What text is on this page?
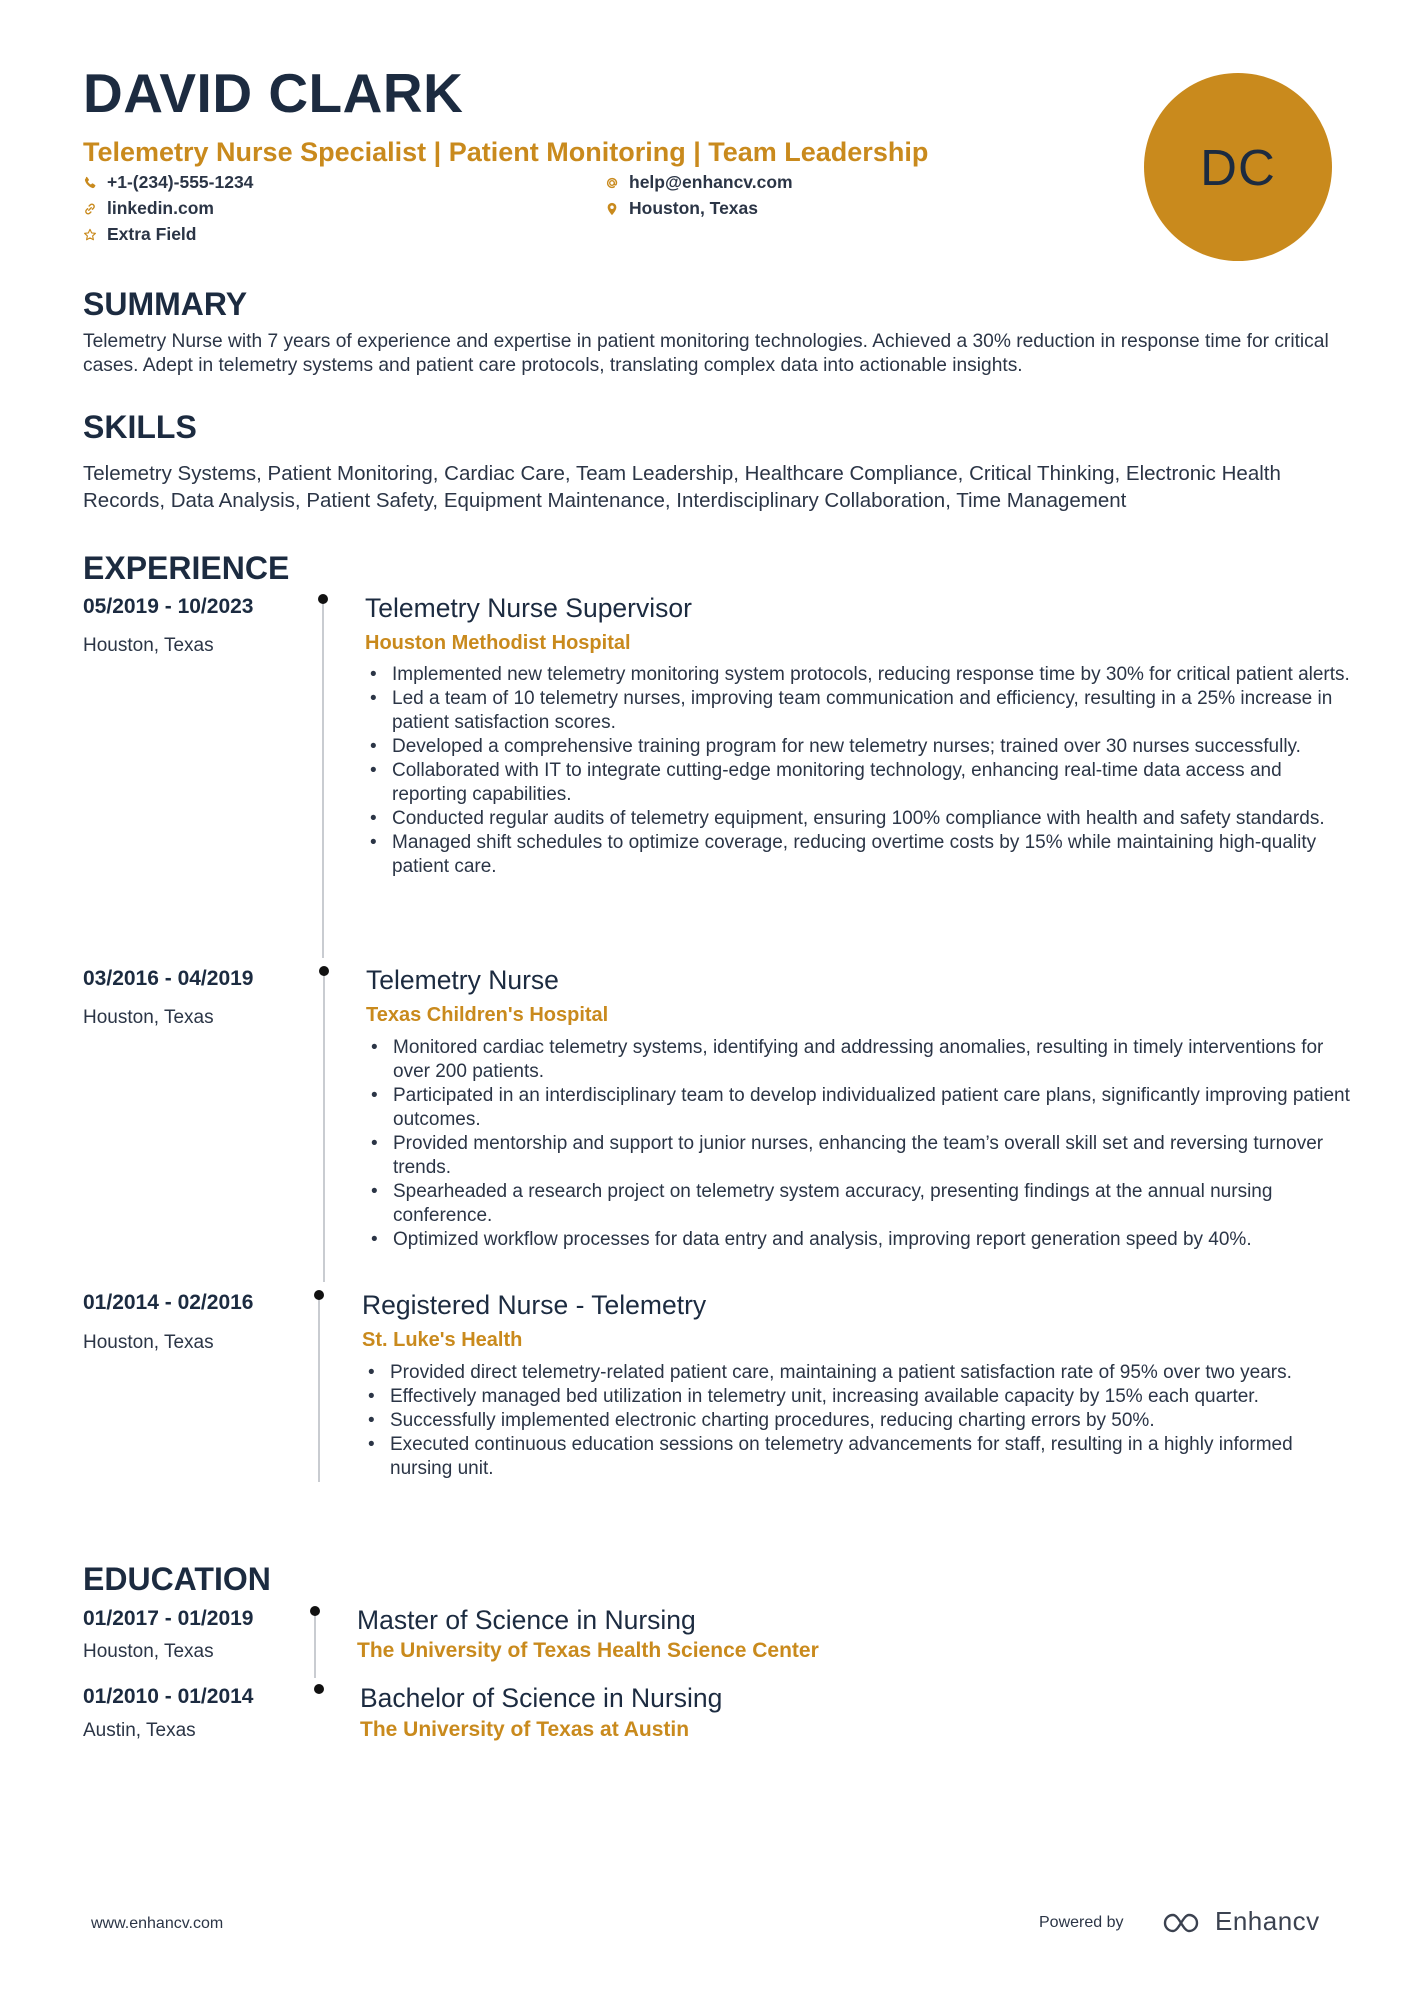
DAVID CLARK
Telemetry Nurse Specialist | Patient Monitoring | Team Leadership
+1-(234)-555-1234	help@enhancv.com
linkedin.com	Houston, Texas
Extra Field
DC
SUMMARY

Telemetry Nurse with 7 years of experience and expertise in patient monitoring technologies. Achieved a 30% reduction in response time for critical cases. Adept in telemetry systems and patient care protocols, translating complex data into actionable insights.

SKILLS

Telemetry Systems, Patient Monitoring, Cardiac Care, Team Leadership, Healthcare Compliance, Critical Thinking, Electronic Health Records, Data Analysis, Patient Safety, Equipment Maintenance, Interdisciplinary Collaboration, Time Management

EXPERIENCE
05/2019 - 10/2023
Houston, Texas
Telemetry Nurse Supervisor
Houston Methodist Hospital
• Implemented new telemetry monitoring system protocols, reducing response time by 30% for critical patient alerts.
• Led a team of 10 telemetry nurses, improving team communication and efficiency, resulting in a 25% increase in patient satisfaction scores.
• Developed a comprehensive training program for new telemetry nurses; trained over 30 nurses successfully.
• Collaborated with IT to integrate cutting-edge monitoring technology, enhancing real-time data access and reporting capabilities.
• Conducted regular audits of telemetry equipment, ensuring 100% compliance with health and safety standards.
• Managed shift schedules to optimize coverage, reducing overtime costs by 15% while maintaining high-quality patient care.
03/2016 - 04/2019
Houston, Texas
Telemetry Nurse
Texas Children's Hospital
• Monitored cardiac telemetry systems, identifying and addressing anomalies, resulting in timely interventions for over 200 patients.
• Participated in an interdisciplinary team to develop individualized patient care plans, significantly improving patient outcomes.
• Provided mentorship and support to junior nurses, enhancing the team’s overall skill set and reversing turnover trends.
• Spearheaded a research project on telemetry system accuracy, presenting findings at the annual nursing conference.
• Optimized workflow processes for data entry and analysis, improving report generation speed by 40%.
01/2014 - 02/2016
Houston, Texas
Registered Nurse - Telemetry
St. Luke's Health
• Provided direct telemetry-related patient care, maintaining a patient satisfaction rate of 95% over two years.
• Effectively managed bed utilization in telemetry unit, increasing available capacity by 15% each quarter.
• Successfully implemented electronic charting procedures, reducing charting errors by 50%.
• Executed continuous education sessions on telemetry advancements for staff, resulting in a highly informed nursing unit.
EDUCATION
01/2017 - 01/2019
Houston, Texas
Master of Science in Nursing
The University of Texas Health Science Center
01/2010 - 01/2014
Austin, Texas
Bachelor of Science in Nursing
The University of Texas at Austin
www.enhancv.com	Powered by	Enhancv
